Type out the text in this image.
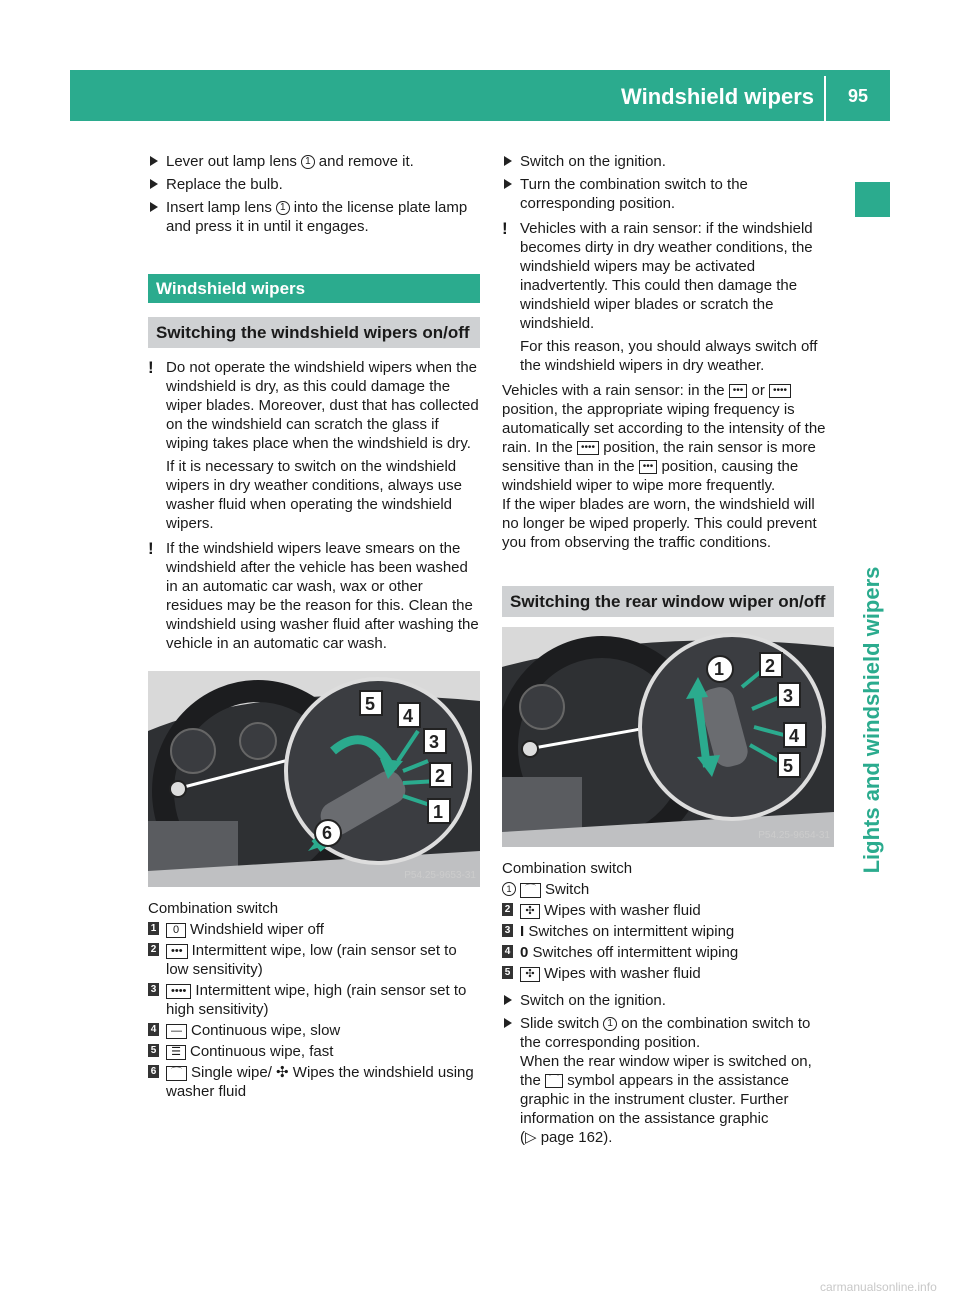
Windshield wipers 95
Lights and windshield wipers
Lever out lamp lens 1 and remove it.
Replace the bulb.
Insert lamp lens 1 into the license plate lamp and press it in until it engages.
Windshield wipers
Switching the windshield wipers on/off
! Do not operate the windshield wipers when the windshield is dry, as this could damage the wiper blades. Moreover, dust that has collected on the windshield can scratch the glass if wiping takes place when the windshield is dry.

If it is necessary to switch on the windshield wipers in dry weather conditions, always use washer fluid when operating the windshield wipers.

! If the windshield wipers leave smears on the windshield after the vehicle has been washed in an automatic car wash, wax or other residues may be the reason for this. Clean the windshield using washer fluid after washing the vehicle in an automatic car wash.

5
4
3
2
1
6
P54.25-9653-31

Combination switch

1 0 Windshield wiper off
2 ••• Intermittent wipe, low (rain sensor set to low sensitivity)
3 •••• Intermittent wipe, high (rain sensor set to high sensitivity)
4 — Continuous wipe, slow
5 ☰ Continuous wipe, fast
6 ⌒ Single wipe/ ✣ Wipes the windshield using washer fluid
Switch on the ignition.
Turn the combination switch to the corresponding position.
! Vehicles with a rain sensor: if the windshield becomes dirty in dry weather conditions, the windshield wipers may be activated inadvertently. This could then damage the windshield wiper blades or scratch the windshield.

For this reason, you should always switch off the windshield wipers in dry weather.

Vehicles with a rain sensor: in the ••• or •••• position, the appropriate wiping frequency is automatically set according to the intensity of the rain. In the •••• position, the rain sensor is more sensitive than in the ••• position, causing the windshield wiper to wipe more frequently.

If the wiper blades are worn, the windshield will no longer be wiped properly. This could prevent you from observing the traffic conditions.

Switching the rear window wiper on/off
1 2
3
4
5
P54.25-9654-31

Combination switch

1	⌒ Switch
2 ✣ Wipes with washer fluid
3 I Switches on intermittent wiping
4 0 Switches off intermittent wiping
5 ✣ Wipes with washer fluid
Switch on the ignition.
Slide switch 1 on the combination switch to the corresponding position.
When the rear window wiper is switched on, the ⌒ symbol appears in the assistance graphic in the instrument cluster. Further information on the assistance graphic
(▷ page 162).
carmanualsonline.info
